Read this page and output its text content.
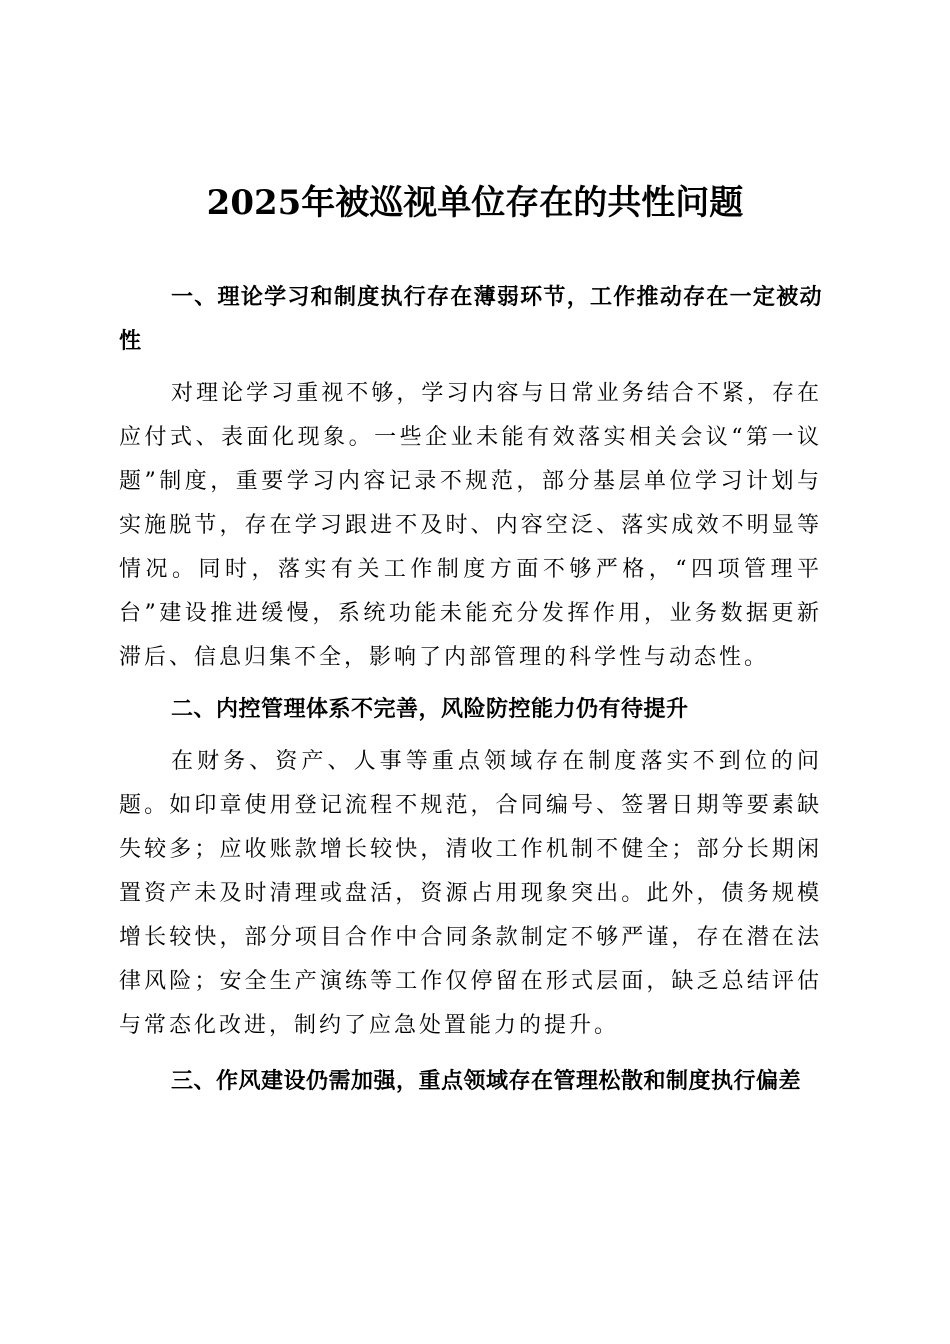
2025年被巡视单位存在的共性问题

一、理论学习和制度执行存在薄弱环节，工作推动存在一定被动性

对理论学习重视不够，学习内容与日常业务结合不紧，存在应付式、表面化现象。一些企业未能有效落实相关会议“第一议题”制度，重要学习内容记录不规范，部分基层单位学习计划与实施脱节，存在学习跟进不及时、内容空泛、落实成效不明显等情况。同时，落实有关工作制度方面不够严格，“四项管理平台”建设推进缓慢，系统功能未能充分发挥作用，业务数据更新滞后、信息归集不全，影响了内部管理的科学性与动态性。

二、内控管理体系不完善，风险防控能力仍有待提升

在财务、资产、人事等重点领域存在制度落实不到位的问题。如印章使用登记流程不规范，合同编号、签署日期等要素缺失较多；应收账款增长较快，清收工作机制不健全；部分长期闲置资产未及时清理或盘活，资源占用现象突出。此外，债务规模增长较快，部分项目合作中合同条款制定不够严谨，存在潜在法律风险；安全生产演练等工作仅停留在形式层面，缺乏总结评估与常态化改进，制约了应急处置能力的提升。

三、作风建设仍需加强，重点领域存在管理松散和制度执行偏差
